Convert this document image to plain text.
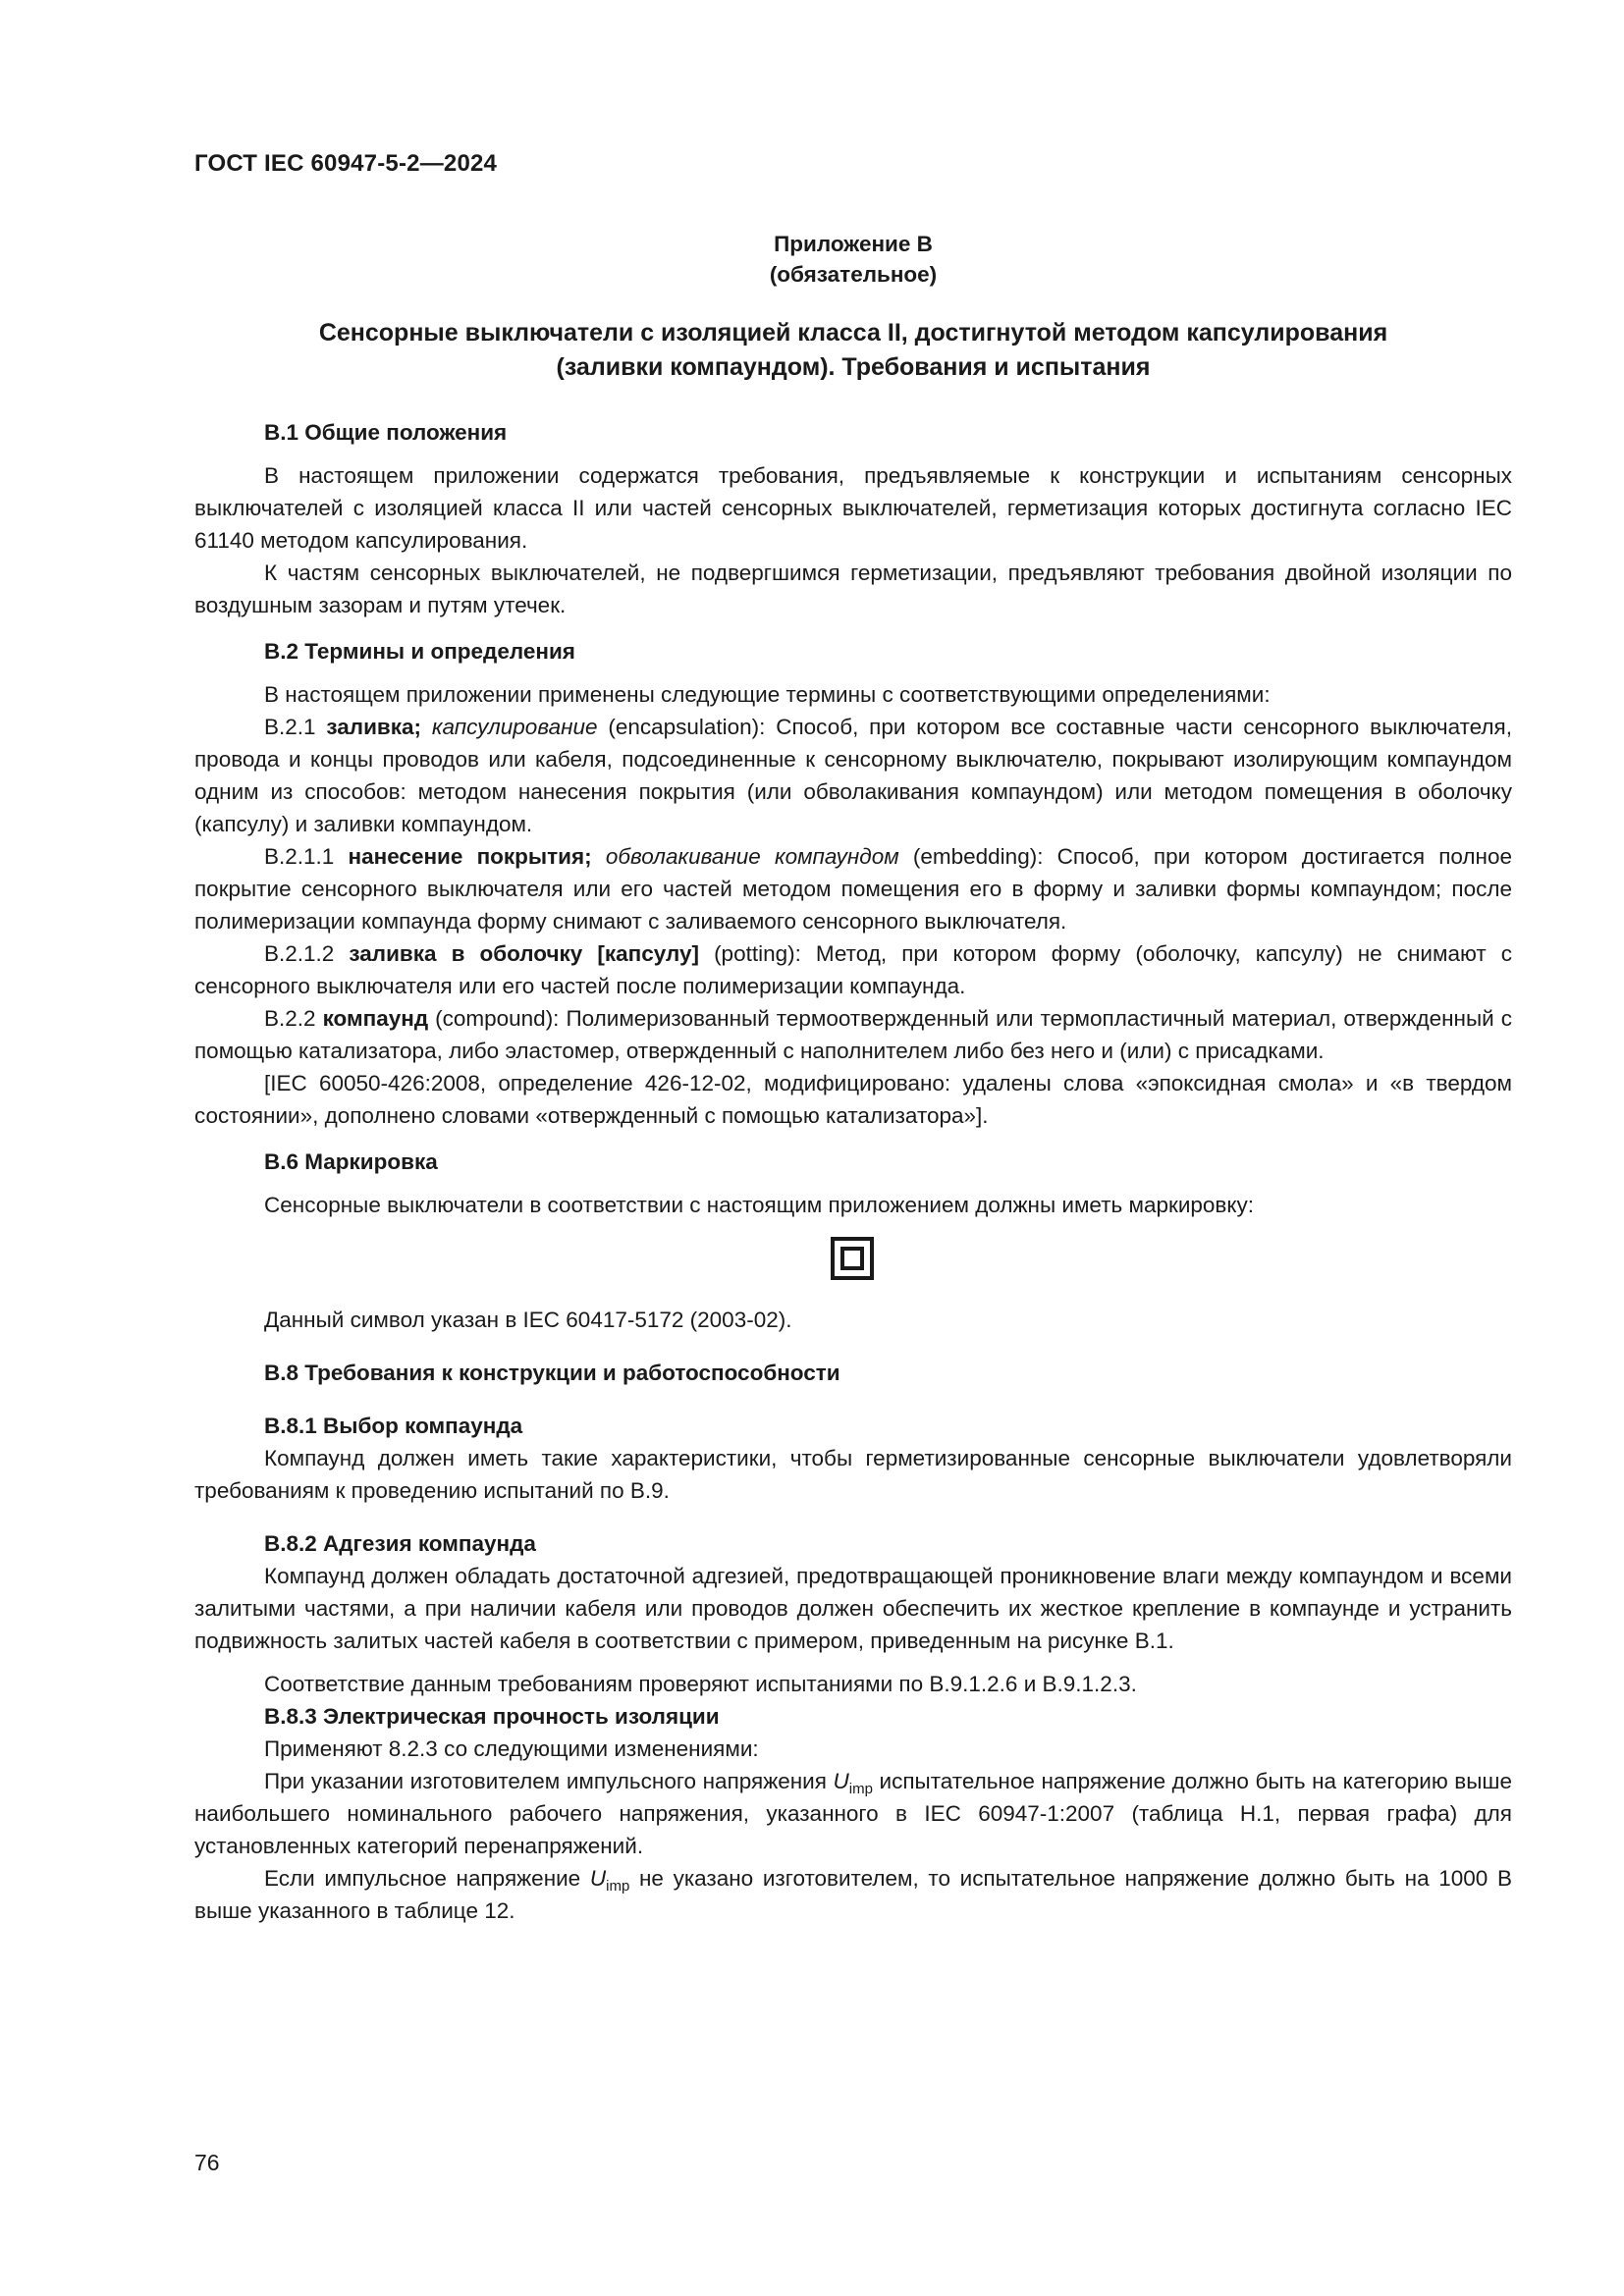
ГОСТ IEC 60947-5-2—2024
Приложение В
(обязательное)
Сенсорные выключатели с изоляцией класса II, достигнутой методом капсулирования
(заливки компаундом). Требования и испытания

В.1 Общие положения

В настоящем приложении содержатся требования, предъявляемые к конструкции и испытаниям сенсорных выключателей с изоляцией класса II или частей сенсорных выключателей, герметизация которых достигнута согласно IEC 61140 методом капсулирования.

К частям сенсорных выключателей, не подвергшимся герметизации, предъявляют требования двойной изоляции по воздушным зазорам и путям утечек.

В.2 Термины и определения

В настоящем приложении применены следующие термины с соответствующими определениями:

В.2.1 заливка; капсулирование (encapsulation): Способ, при котором все составные части сенсорного выключателя, провода и концы проводов или кабеля, подсоединенные к сенсорному выключателю, покрывают изолирующим компаундом одним из способов: методом нанесения покрытия (или обволакивания компаундом) или методом помещения в оболочку (капсулу) и заливки компаундом.

В.2.1.1 нанесение покрытия; обволакивание компаундом (embedding): Способ, при котором достигается полное покрытие сенсорного выключателя или его частей методом помещения его в форму и заливки формы компаундом; после полимеризации компаунда форму снимают с заливаемого сенсорного выключателя.

В.2.1.2 заливка в оболочку [капсулу] (potting): Метод, при котором форму (оболочку, капсулу) не снимают с сенсорного выключателя или его частей после полимеризации компаунда.

В.2.2 компаунд (compound): Полимеризованный термоотвержденный или термопластичный материал, отвержденный с помощью катализатора, либо эластомер, отвержденный с наполнителем либо без него и (или) с присадками.

[IEC 60050-426:2008, определение 426-12-02, модифицировано: удалены слова «эпоксидная смола» и «в твердом состоянии», дополнено словами «отвержденный с помощью катализатора»].

В.6 Маркировка

Сенсорные выключатели в соответствии с настоящим приложением должны иметь маркировку:

Данный символ указан в IEC 60417-5172 (2003-02).

В.8 Требования к конструкции и работоспособности

В.8.1 Выбор компаунда

Компаунд должен иметь такие характеристики, чтобы герметизированные сенсорные выключатели удовлетворяли требованиям к проведению испытаний по В.9.

В.8.2 Адгезия компаунда

Компаунд должен обладать достаточной адгезией, предотвращающей проникновение влаги между компаундом и всеми залитыми частями, а при наличии кабеля или проводов должен обеспечить их жесткое крепление в компаунде и устранить подвижность залитых частей кабеля в соответствии с примером, приведенным на рисунке В.1.

Соответствие данным требованиям проверяют испытаниями по В.9.1.2.6 и В.9.1.2.3.

В.8.3 Электрическая прочность изоляции

Применяют 8.2.3 со следующими изменениями:

При указании изготовителем импульсного напряжения $U_{imp}$ испытательное напряжение должно быть на категорию выше наибольшего номинального рабочего напряжения, указанного в IEC 60947-1:2007 (таблица Н.1, первая графа) для установленных категорий перенапряжений.

Если импульсное напряжение $U_{imp}$ не указано изготовителем, то испытательное напряжение должно быть на 1000 В выше указанного в таблице 12.

76
